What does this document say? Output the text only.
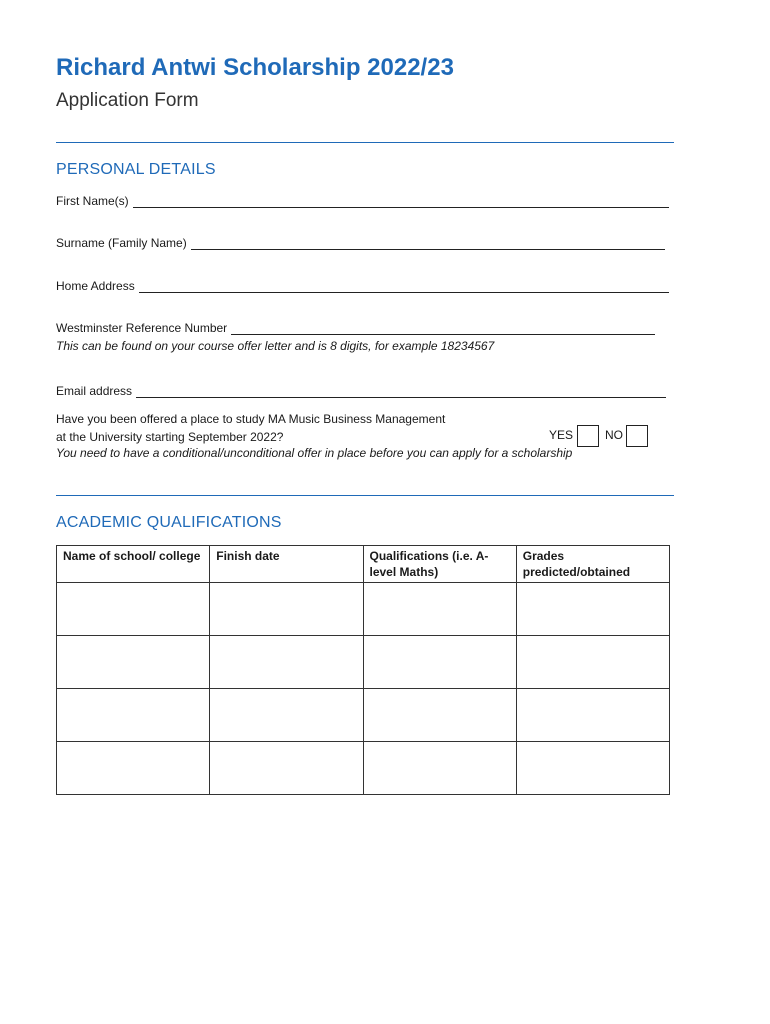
Richard Antwi Scholarship 2022/23
Application Form
PERSONAL DETAILS
First Name(s)
Surname (Family Name)
Home Address
Westminster Reference Number
This can be found on your course offer letter and is 8 digits, for example 18234567
Email address
Have you been offered a place to study MA Music Business Management
at the University starting September 2022?	YES	NO
You need to have a conditional/unconditional offer in place before you can apply for a scholarship
ACADEMIC QUALIFICATIONS
Name of school/ college	Finish date	Qualifications (i.e. A-level Maths)	Grades predicted/obtained
